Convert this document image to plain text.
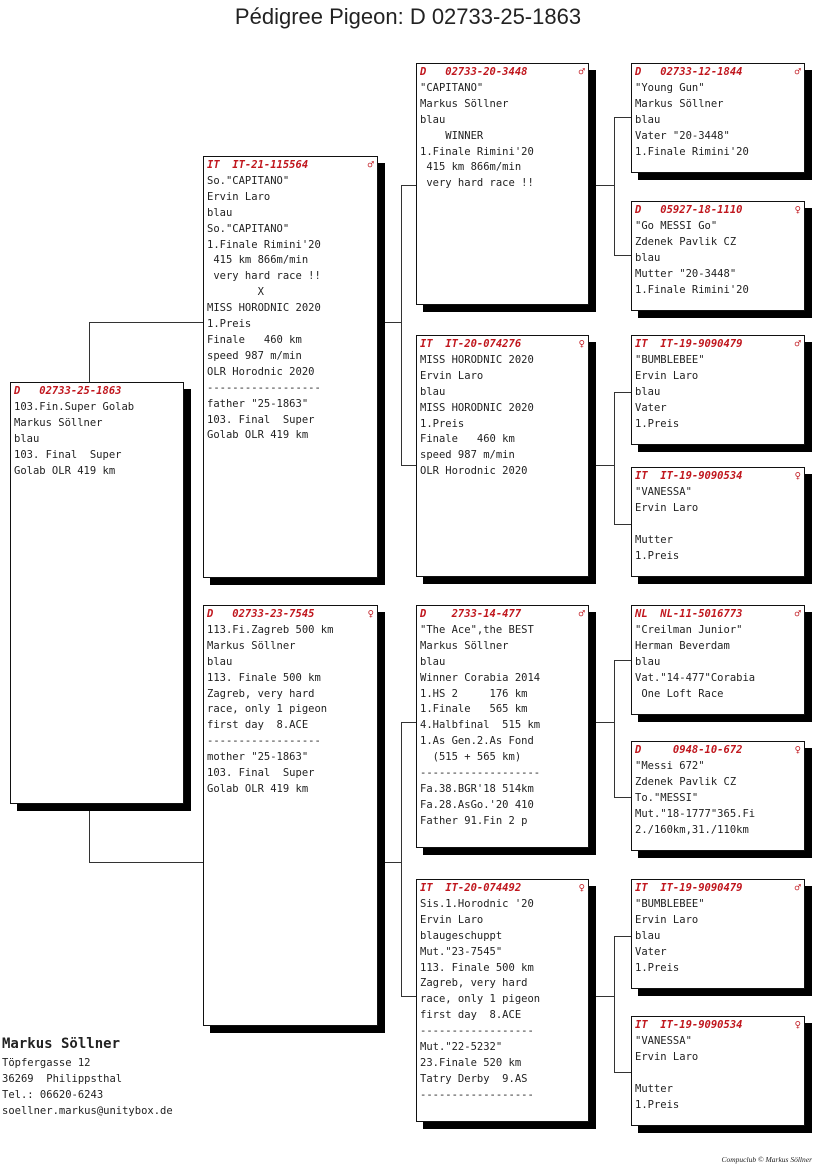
Pédigree Pigeon: D 02733-25-1863
D   02733-25-1863
103.Fin.Super Golab
Markus Söllner
blau
103. Final  Super
Golab OLR 419 km
IT  IT-21-115564	♂
So."CAPITANO"
Ervin Laro
blau
So."CAPITANO"
1.Finale Rimini'20
415 km 866m/min
very hard race !!
X
MISS HORODNIC 2020
1.Preis
Finale   460 km
speed 987 m/min
OLR Horodnic 2020
------------------
father "25-1863"
103. Final  Super
Golab OLR 419 km
D   02733-23-7545	♀
113.Fi.Zagreb 500 km
Markus Söllner
blau
113. Finale 500 km
Zagreb, very hard
race, only 1 pigeon
first day  8.ACE
------------------
mother "25-1863"
103. Final  Super
Golab OLR 419 km
D   02733-20-3448	♂
"CAPITANO"
Markus Söllner
blau
WINNER
1.Finale Rimini'20
415 km 866m/min
very hard race !!
IT  IT-20-074276	♀
MISS HORODNIC 2020
Ervin Laro
blau
MISS HORODNIC 2020
1.Preis
Finale   460 km
speed 987 m/min
OLR Horodnic 2020
D    2733-14-477	♂
"The Ace",the BEST
Markus Söllner
blau
Winner Corabia 2014
1.HS 2     176 km
1.Finale   565 km
4.Halbfinal  515 km
1.As Gen.2.As Fond
(515 + 565 km)
-------------------
Fa.38.BGR'18 514km
Fa.28.AsGo.'20 410
Father 91.Fin 2 p
IT  IT-20-074492	♀
Sis.1.Horodnic '20
Ervin Laro
blaugeschuppt
Mut."23-7545"
113. Finale 500 km
Zagreb, very hard
race, only 1 pigeon
first day  8.ACE
------------------
Mut."22-5232"
23.Finale 520 km
Tatry Derby  9.AS
------------------
D   02733-12-1844	♂
"Young Gun"
Markus Söllner
blau
Vater "20-3448"
1.Finale Rimini'20
D   05927-18-1110	♀
"Go MESSI Go"
Zdenek Pavlik CZ
blau
Mutter "20-3448"
1.Finale Rimini'20
IT  IT-19-9090479	♂
"BUMBLEBEE"
Ervin Laro
blau
Vater
1.Preis
IT  IT-19-9090534	♀
"VANESSA"
Ervin Laro
Mutter
1.Preis
NL  NL-11-5016773	♂
"Creilman Junior"
Herman Beverdam
blau
Vat."14-477"Corabia
One Loft Race
D     0948-10-672	♀
"Messi 672"
Zdenek Pavlik CZ
To."MESSI"
Mut."18-1777"365.Fi
2./160km,31./110km
IT  IT-19-9090479	♂
"BUMBLEBEE"
Ervin Laro
blau
Vater
1.Preis
IT  IT-19-9090534	♀
"VANESSA"
Ervin Laro
Mutter
1.Preis
Markus Söllner
Töpfergasse 12
36269  Philippsthal
Tel.: 06620-6243
soellner.markus@unitybox.de
Compuclub © Markus Söllner
